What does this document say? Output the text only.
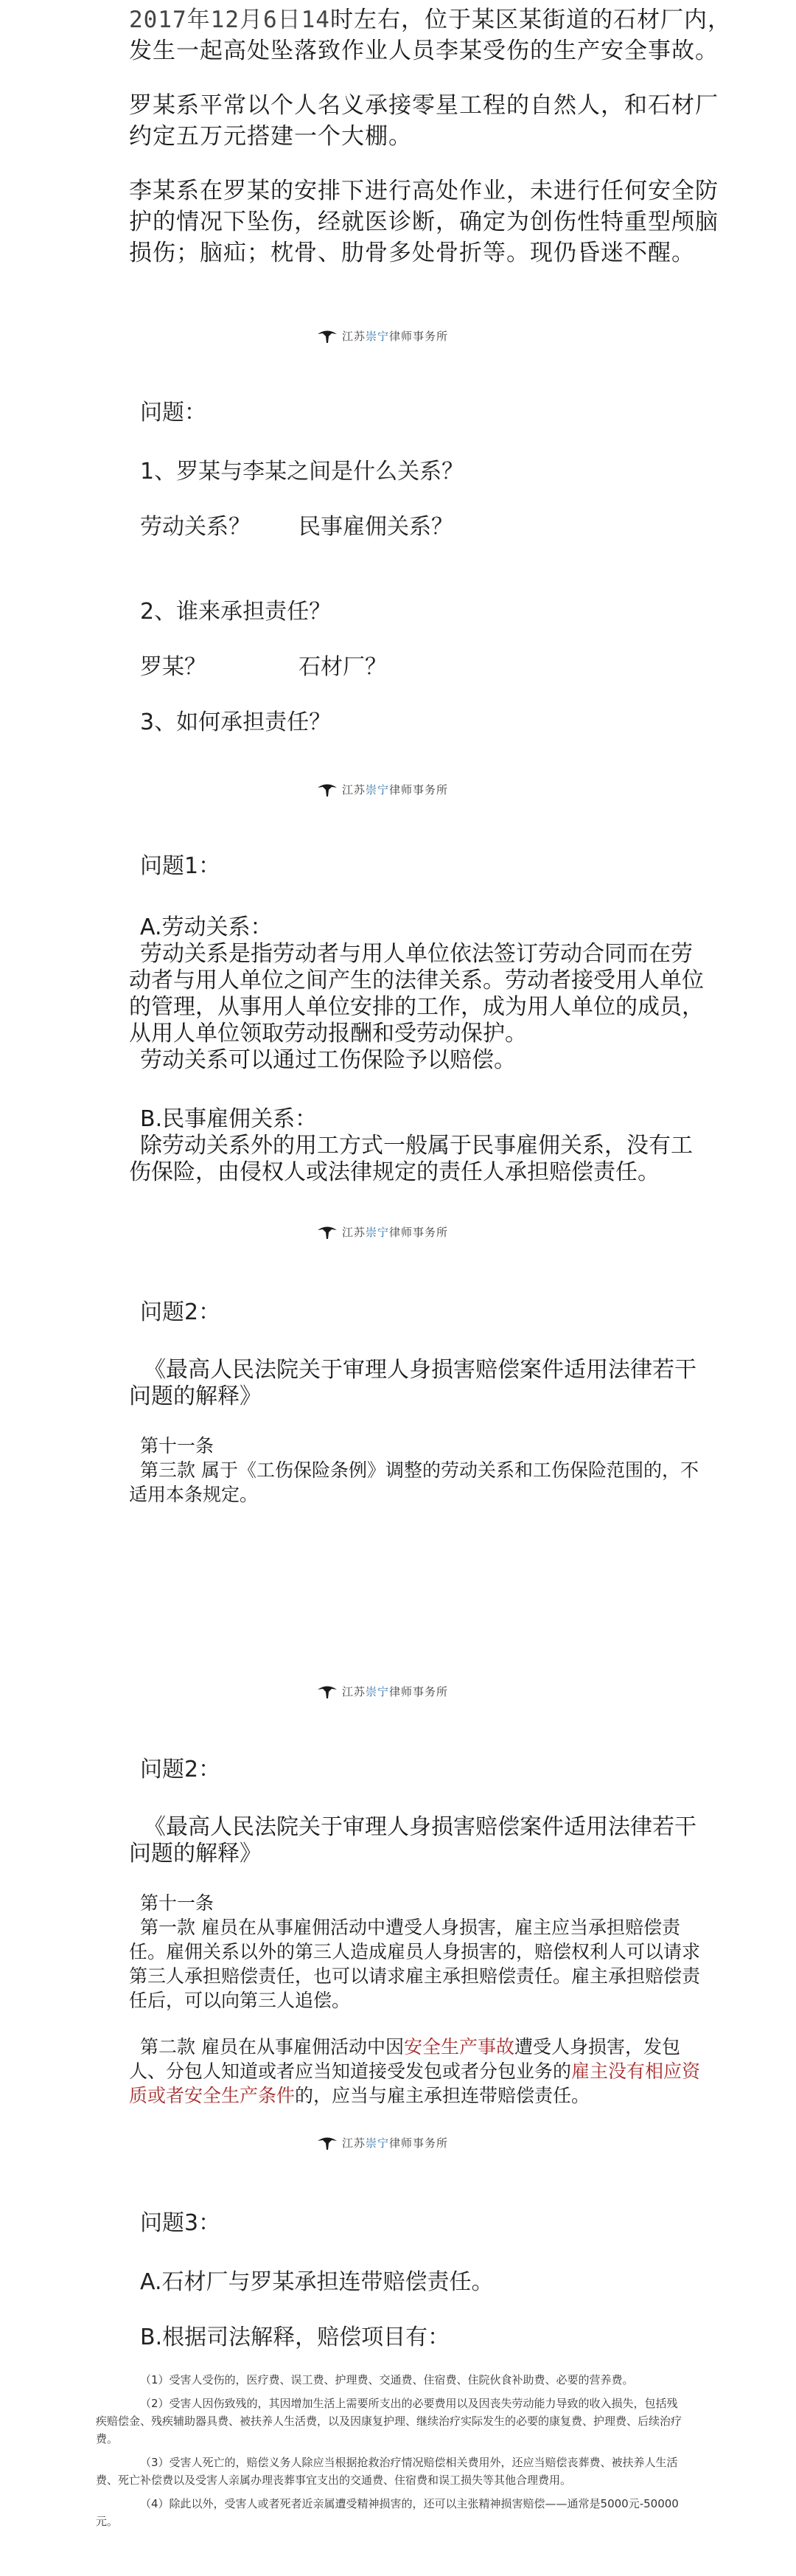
2017年12月6日14时左右，位于某区某街道的石材厂内，发生一起高处坠落致作业人员李某受伤的生产安全事故。

罗某系平常以个人名义承接零星工程的自然人，和石材厂约定五万元搭建一个大棚。

李某系在罗某的安排下进行高处作业，未进行任何安全防护的情况下坠伤，经就医诊断，确定为创伤性特重型颅脑损伤；脑疝；枕骨、肋骨多处骨折等。现仍昏迷不醒。

江苏崇宁律师事务所

问题：

1、罗某与李某之间是什么关系？

劳动关系？ 民事雇佣关系？

2、谁来承担责任？

罗某？	石材厂？

3、如何承担责任？

江苏崇宁律师事务所

问题1：

A.劳动关系：

劳动关系是指劳动者与用人单位依法签订劳动合同而在劳动者与用人单位之间产生的法律关系。劳动者接受用人单位的管理，从事用人单位安排的工作，成为用人单位的成员，从用人单位领取劳动报酬和受劳动保护。

劳动关系可以通过工伤保险予以赔偿。

B.民事雇佣关系：

除劳动关系外的用工方式一般属于民事雇佣关系，没有工伤保险，由侵权人或法律规定的责任人承担赔偿责任。

江苏崇宁律师事务所

问题2：

《最高人民法院关于审理人身损害赔偿案件适用法律若干问题的解释》

第十一条

第三款 属于《工伤保险条例》调整的劳动关系和工伤保险范围的，不适用本条规定。

江苏崇宁律师事务所

问题2：

《最高人民法院关于审理人身损害赔偿案件适用法律若干问题的解释》

第十一条

第一款 雇员在从事雇佣活动中遭受人身损害，雇主应当承担赔偿责任。雇佣关系以外的第三人造成雇员人身损害的，赔偿权利人可以请求第三人承担赔偿责任，也可以请求雇主承担赔偿责任。雇主承担赔偿责任后，可以向第三人追偿。

第二款 雇员在从事雇佣活动中因安全生产事故遭受人身损害，发包人、分包人知道或者应当知道接受发包或者分包业务的雇主没有相应资质或者安全生产条件的，应当与雇主承担连带赔偿责任。

江苏崇宁律师事务所

问题3：

A.石材厂与罗某承担连带赔偿责任。

B.根据司法解释，赔偿项目有：

（1）受害人受伤的，医疗费、误工费、护理费、交通费、住宿费、住院伙食补助费、必要的营养费。

（2）受害人因伤致残的，其因增加生活上需要所支出的必要费用以及因丧失劳动能力导致的收入损失，包括残疾赔偿金、残疾辅助器具费、被扶养人生活费，以及因康复护理、继续治疗实际发生的必要的康复费、护理费、后续治疗费。

（3）受害人死亡的，赔偿义务人除应当根据抢救治疗情况赔偿相关费用外，还应当赔偿丧葬费、被扶养人生活费、死亡补偿费以及受害人亲属办理丧葬事宜支出的交通费、住宿费和误工损失等其他合理费用。

（4）除此以外，受害人或者死者近亲属遭受精神损害的，还可以主张精神损害赔偿——通常是5000元-50000元。
